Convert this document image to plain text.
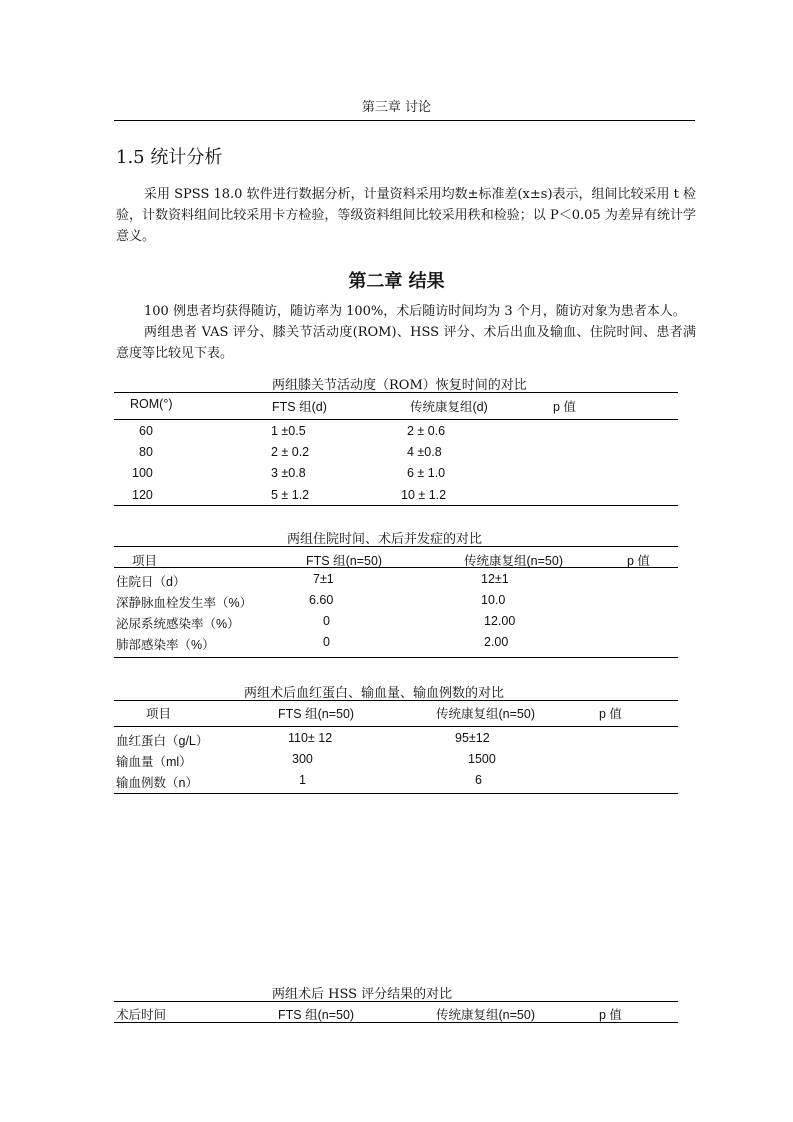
第三章 讨论
1.5 统计分析
采用 SPSS 18.0 软件进行数据分析，计量资料采用均数±标准差(x±s)表示，组间比较采用 t 检验，计数资料组间比较采用卡方检验，等级资料组间比较采用秩和检验；以 P＜0.05 为差异有统计学意义。
第二章 结果
100 例患者均获得随访，随访率为 100%，术后随访时间均为 3 个月，随访对象为患者本人。
两组患者 VAS 评分、膝关节活动度(ROM)、HSS 评分、术后出血及输血、住院时间、患者满意度等比较见下表。
两组膝关节活动度（ROM）恢复时间的对比
ROM(°)	FTS 组(d)	传统康复组(d)	p 值
60	1 ±0.5	2 ± 0.6
80	2 ± 0.2	4 ±0.8
100	3 ±0.8	6 ± 1.0
120	5 ± 1.2	10 ± 1.2
两组住院时间、术后并发症的对比
项目	FTS 组(n=50)	传统康复组(n=50)	p 值
住院日（d）	7±1	12±1
深静脉血栓发生率（%）	6.60	10.0
泌尿系统感染率（%）	0	12.00
肺部感染率（%）	0	2.00
两组术后血红蛋白、输血量、输血例数的对比
项目	FTS 组(n=50)	传统康复组(n=50)	p 值
血红蛋白（g/L）	110± 12	95±12
输血量（ml）	300	1500
输血例数（n）	1	6
两组术后 HSS 评分结果的对比
术后时间	FTS 组(n=50)	传统康复组(n=50)	p 值
